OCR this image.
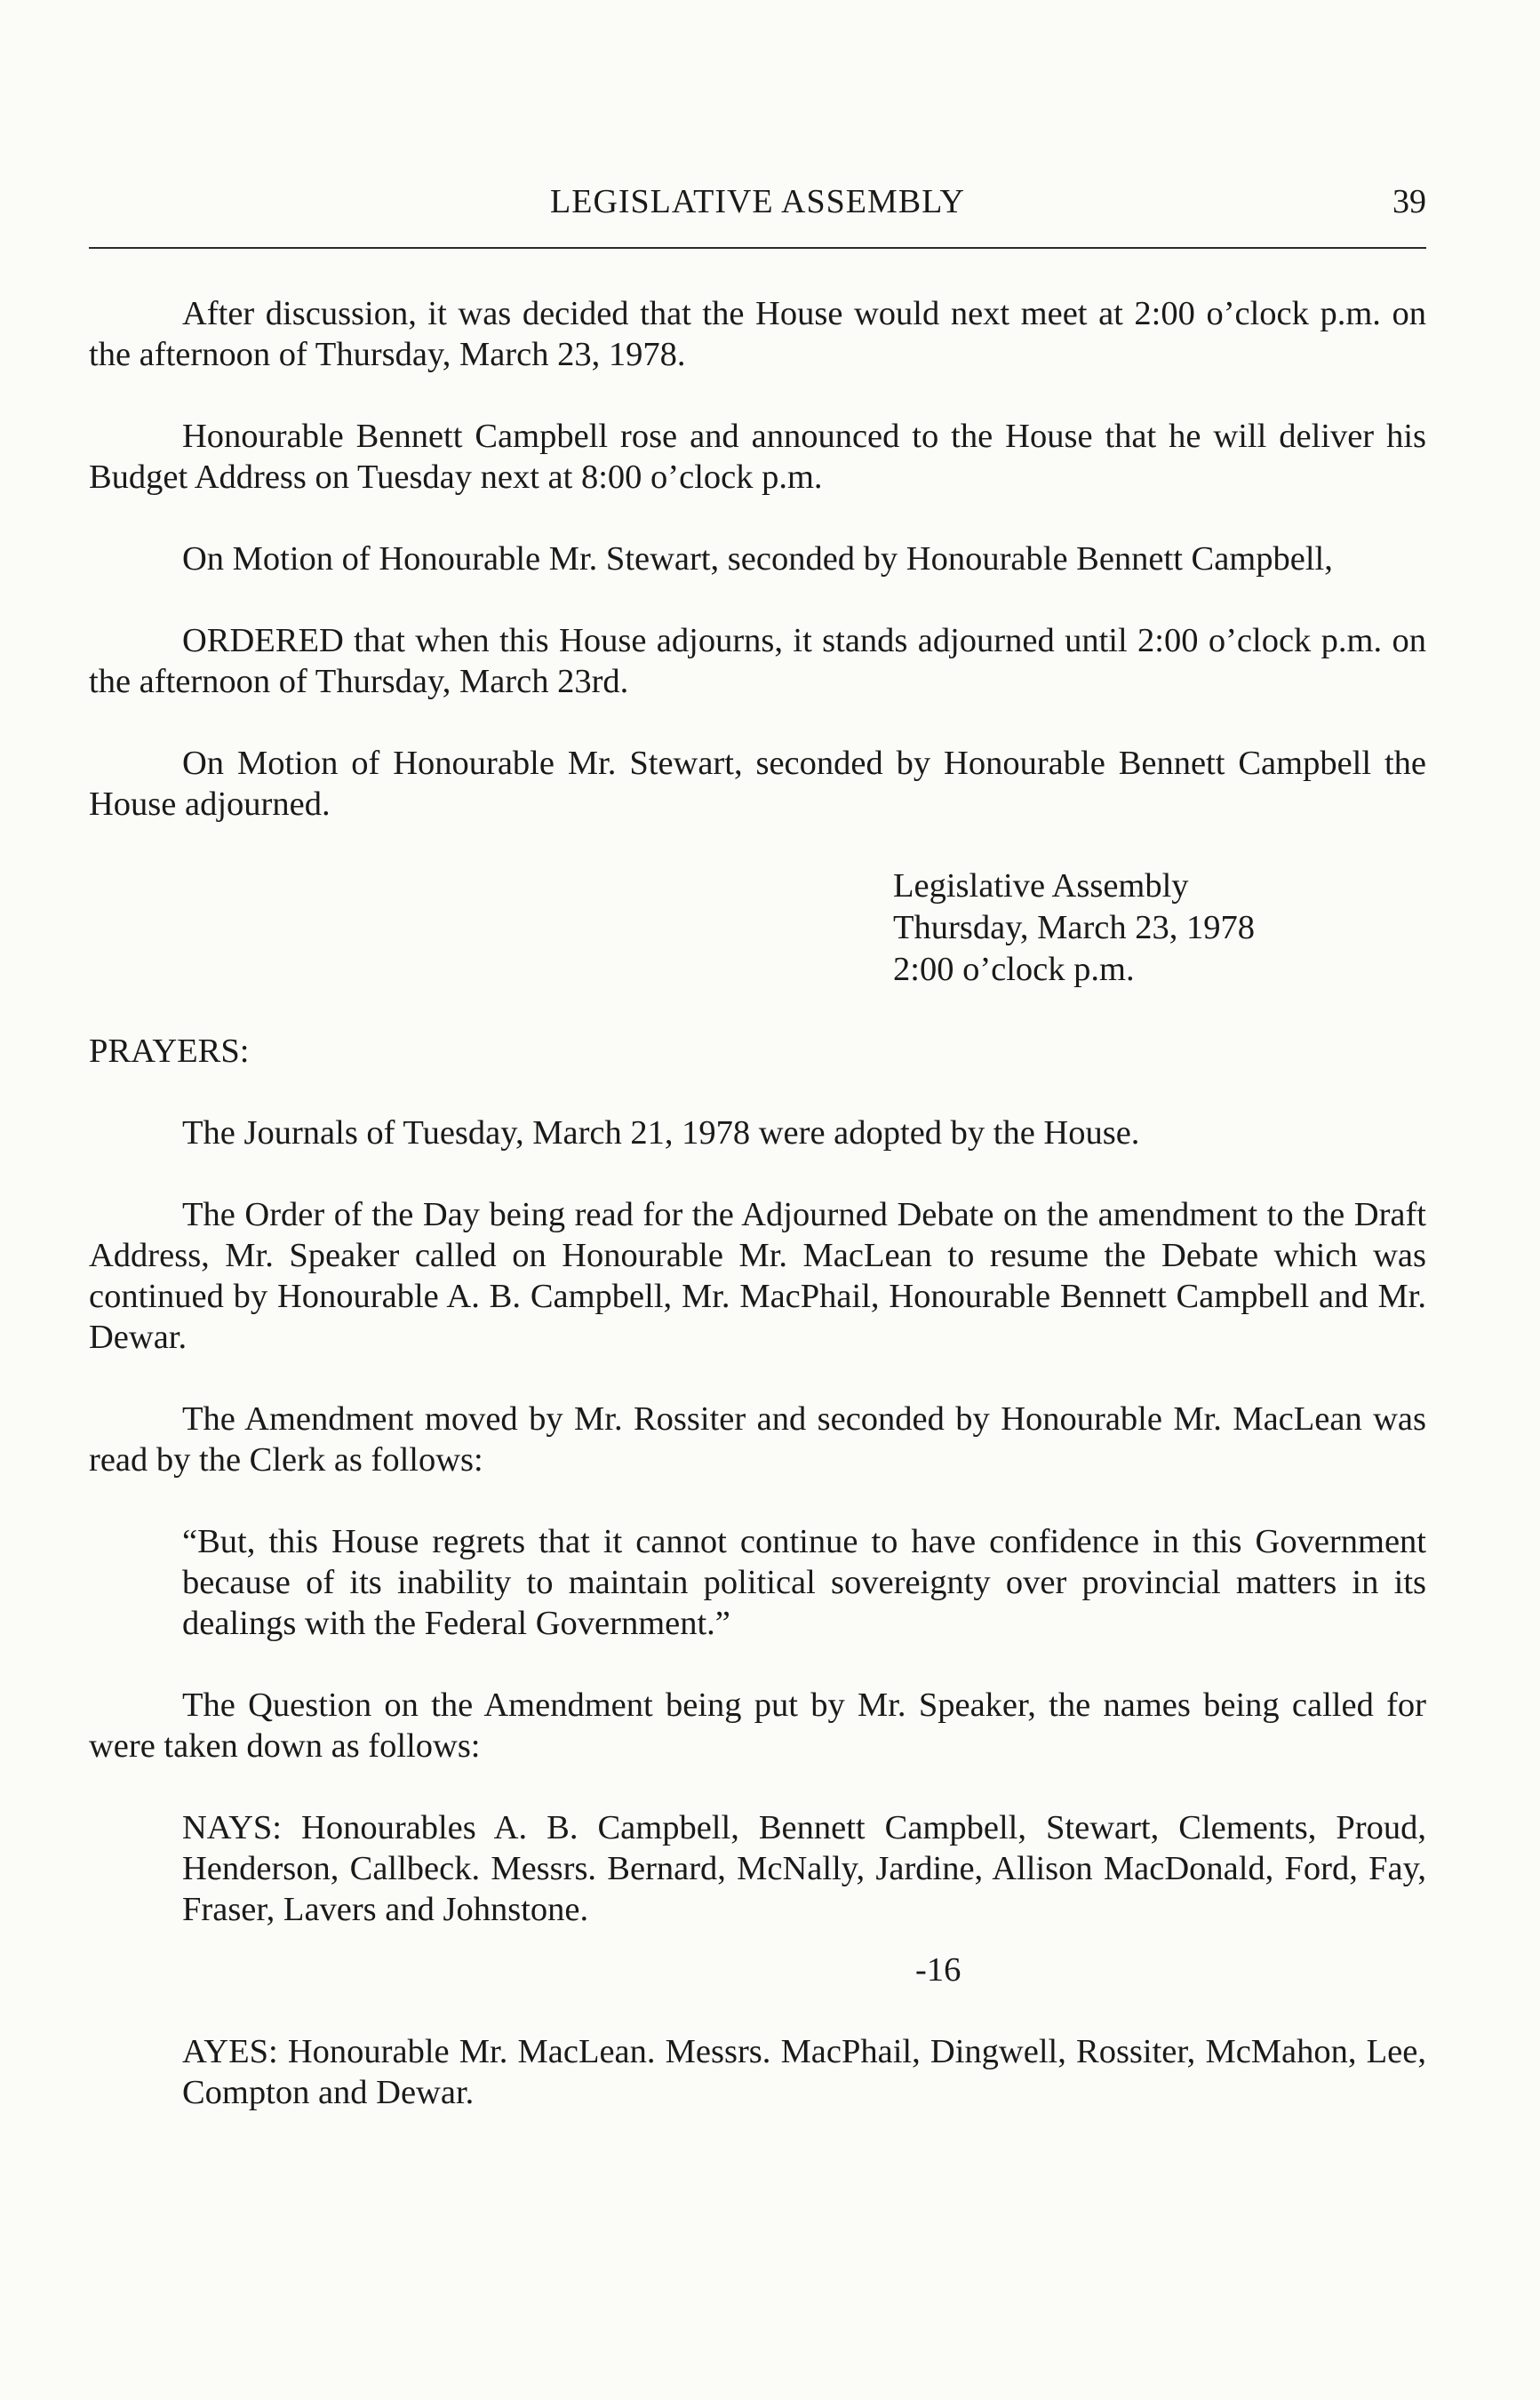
LEGISLATIVE ASSEMBLY	39

After discussion, it was decided that the House would next meet at 2:00 o’clock p.m. on the afternoon of Thursday, March 23, 1978.

Honourable Bennett Campbell rose and announced to the House that he will deliver his Budget Address on Tuesday next at 8:00 o’clock p.m.

On Motion of Honourable Mr. Stewart, seconded by Honourable Bennett Campbell,

ORDERED that when this House adjourns, it stands adjourned until 2:00 o’clock p.m. on the afternoon of Thursday, March 23rd.

On Motion of Honourable Mr. Stewart, seconded by Honourable Bennett Campbell the House adjourned.

Legislative Assembly
Thursday, March 23, 1978
2:00 o’clock p.m.

PRAYERS:

The Journals of Tuesday, March 21, 1978 were adopted by the House.

The Order of the Day being read for the Adjourned Debate on the amendment to the Draft Address, Mr. Speaker called on Honourable Mr. MacLean to resume the Debate which was continued by Honourable A. B. Campbell, Mr. MacPhail, Honourable Bennett Campbell and Mr. Dewar.

The Amendment moved by Mr. Rossiter and seconded by Honourable Mr. MacLean was read by the Clerk as follows:

“But, this House regrets that it cannot continue to have confidence in this Government because of its inability to maintain political sovereignty over provincial matters in its dealings with the Federal Government.”

The Question on the Amendment being put by Mr. Speaker, the names being called for were taken down as follows:

NAYS: Honourables A. B. Campbell, Bennett Campbell, Stewart, Clements, Proud, Henderson, Callbeck. Messrs. Bernard, McNally, Jardine, Allison MacDonald, Ford, Fay, Fraser, Lavers and Johnstone.

-16

AYES: Honourable Mr. MacLean. Messrs. MacPhail, Dingwell, Rossiter, McMahon, Lee, Compton and Dewar.
